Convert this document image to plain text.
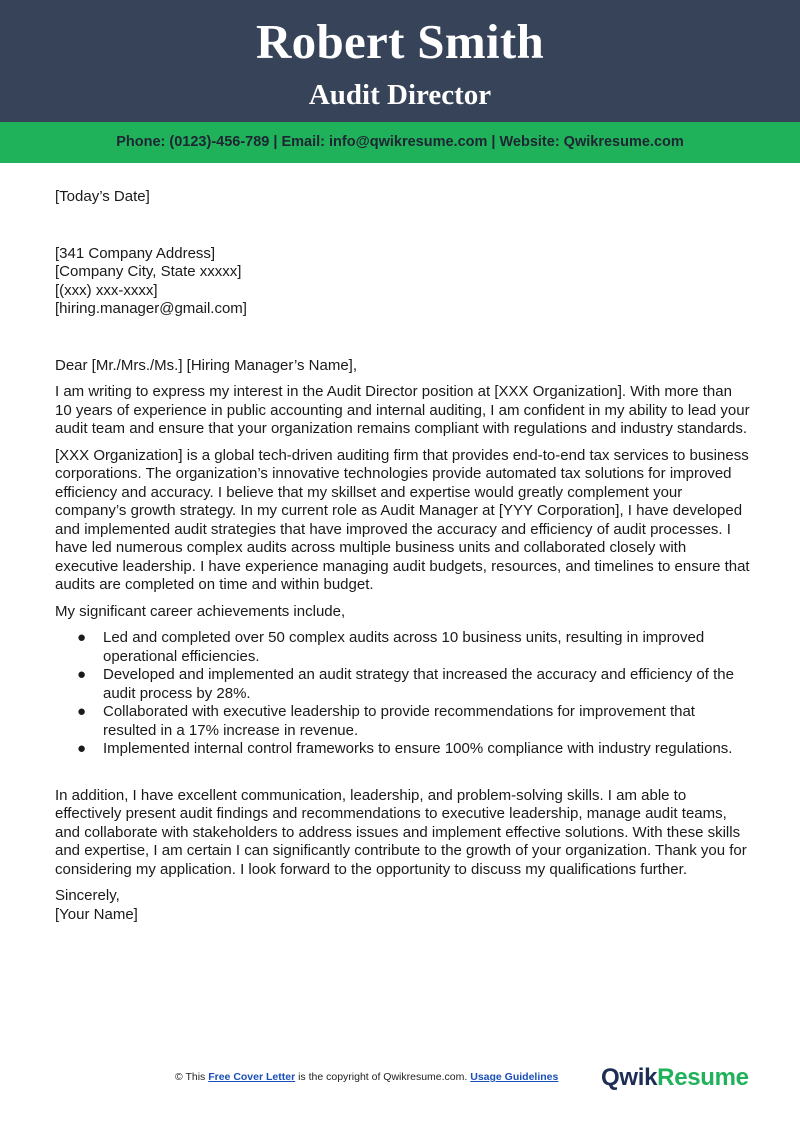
Robert Smith
Audit Director
Phone: (0123)-456-789 | Email: info@qwikresume.com | Website: Qwikresume.com
[Today’s Date]
[341 Company Address]
[Company City, State xxxxx]
[(xxx) xxx-xxxx]
[hiring.manager@gmail.com]

Dear [Mr./Mrs./Ms.] [Hiring Manager’s Name],

I am writing to express my interest in the Audit Director position at [XXX Organization]. With more than 10 years of experience in public accounting and internal auditing, I am confident in my ability to lead your audit team and ensure that your organization remains compliant with regulations and industry standards.

[XXX Organization] is a global tech-driven auditing firm that provides end-to-end tax services to business corporations. The organization’s innovative technologies provide automated tax solutions for improved efficiency and accuracy. I believe that my skillset and expertise would greatly complement your company’s growth strategy. In my current role as Audit Manager at [YYY Corporation], I have developed and implemented audit strategies that have improved the accuracy and efficiency of audit processes. I have led numerous complex audits across multiple business units and collaborated closely with executive leadership. I have experience managing audit budgets, resources, and timelines to ensure that audits are completed on time and within budget.

My significant career achievements include,

● Led and completed over 50 complex audits across 10 business units, resulting in improved operational efficiencies.
● Developed and implemented an audit strategy that increased the accuracy and efficiency of the audit process by 28%.
● Collaborated with executive leadership to provide recommendations for improvement that resulted in a 17% increase in revenue.
● Implemented internal control frameworks to ensure 100% compliance with industry regulations.

In addition, I have excellent communication, leadership, and problem-solving skills. I am able to effectively present audit findings and recommendations to executive leadership, manage audit teams, and collaborate with stakeholders to address issues and implement effective solutions. With these skills and expertise, I am certain I can significantly contribute to the growth of your organization. Thank you for considering my application. I look forward to the opportunity to discuss my qualifications further.

Sincerely,
[Your Name]
© This Free Cover Letter is the copyright of Qwikresume.com. Usage Guidelines QwikResume
